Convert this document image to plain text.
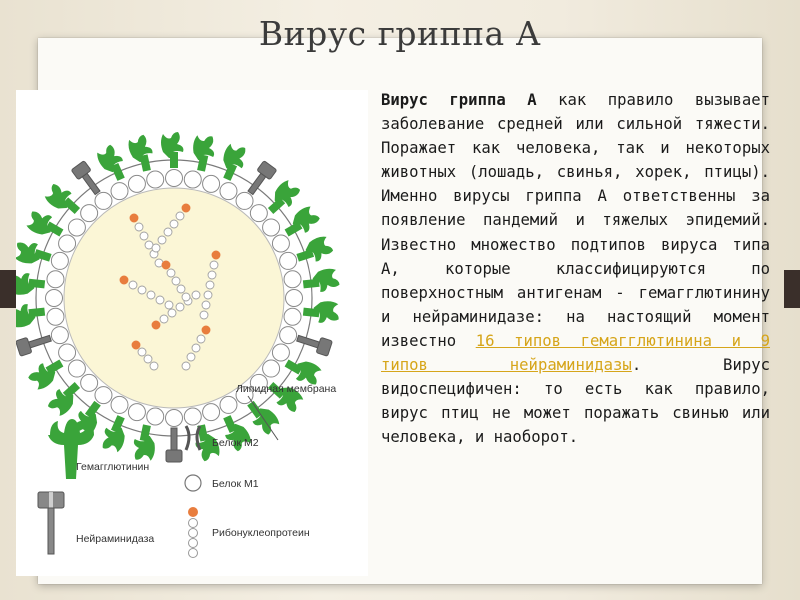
Вирус гриппа А
Липидная мембрана
Гемагглютинин
Нейраминидаза
Белок М2
Белок М1
Рибонуклеопротеин
Вирус гриппа А как правило вызывает заболевание средней или сильной тяжести. Поражает как человека, так и некоторых животных (лошадь, свинья, хорек, птицы). Именно вирусы гриппа А ответственны за появление пандемий и тяжелых эпидемий. Известно множество подтипов вируса типа А, которые классифицируются по поверхностным антигенам - гемагглютинину и нейраминидазе: на настоящий момент известно 16 типов гемагглютинина и 9 типов нейраминидазы. Вирус видоспецифичен: то есть как правило, вирус птиц не может поражать свинью или человека, и наоборот.
